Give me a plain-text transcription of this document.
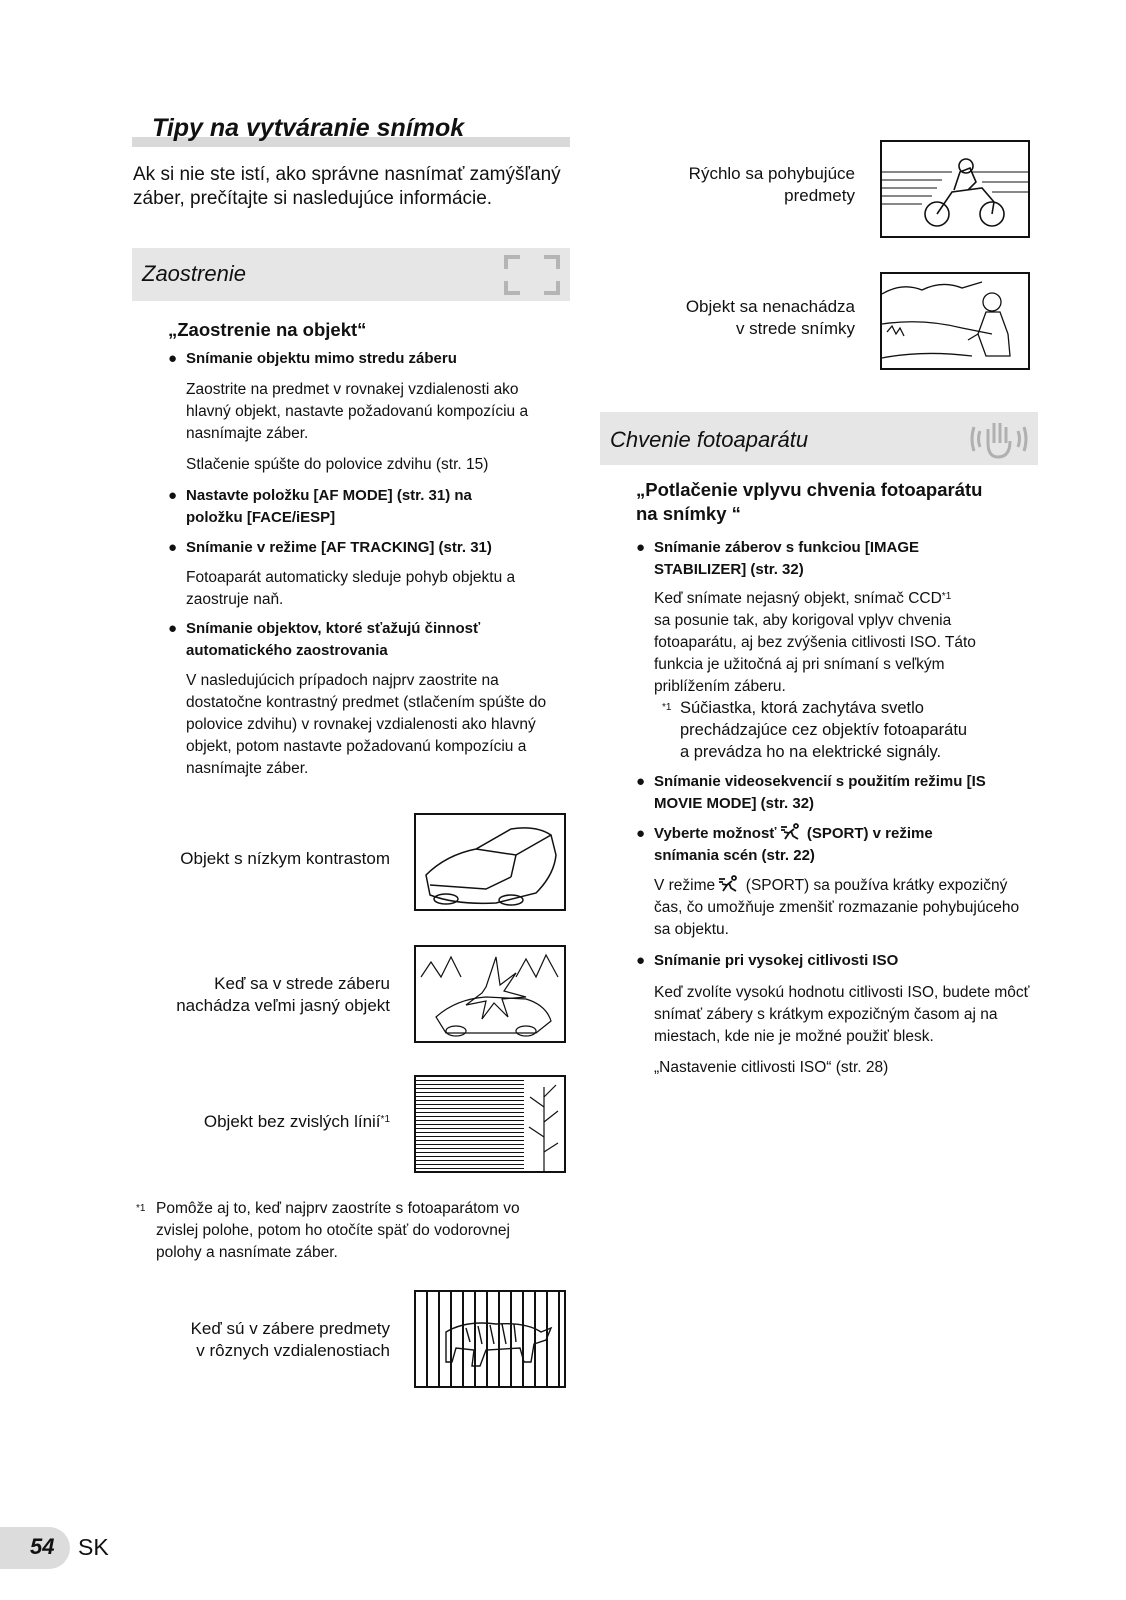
Tipy na vytváranie snímok
Ak si nie ste istí, ako správne nasnímať zamýšľaný záber, prečítajte si nasledujúce informácie.
Zaostrenie
„Zaostrenie na objekt“
● Snímanie objektu mimo stredu záberu
Zaostrite na predmet v rovnakej vzdialenosti ako hlavný objekt, nastavte požadovanú kompozíciu a nasnímajte záber.
Stlačenie spúšte do polovice zdvihu (str. 15)
● Nastavte položku [AF MODE] (str. 31) na položku [FACE/iESP]
● Snímanie v režime [AF TRACKING] (str. 31)
Fotoaparát automaticky sleduje pohyb objektu a zaostruje naň.
● Snímanie objektov, ktoré sťažujú činnosť automatického zaostrovania
V nasledujúcich prípadoch najprv zaostrite na dostatočne kontrastný predmet (stlačením spúšte do polovice zdvihu) v rovnakej vzdialenosti ako hlavný objekt, potom nastavte požadovanú kompozíciu a nasnímajte záber.
Objekt s nízkym kontrastom
Keď sa v strede záberu
nachádza veľmi jasný objekt
Objekt bez zvislých línií$^{*1}$
*1 Pomôže aj to, keď najprv zaostríte s fotoaparátom vo zvislej polohe, potom ho otočíte späť do vodorovnej polohy a nasnímate záber.
Keď sú v zábere predmety
v rôznych vzdialenostiach
Rýchlo sa pohybujúce
predmety
Objekt sa nenachádza
v strede snímky
Chvenie fotoaparátu
„Potlačenie vplyvu chvenia fotoaparátu
na snímky “
● Snímanie záberov s funkciou [IMAGE STABILIZER] (str. 32)
Keď snímate nejasný objekt, snímač CCD$^{*1}$
sa posunie tak, aby korigoval vplyv chvenia fotoaparátu, aj bez zvýšenia citlivosti ISO. Táto funkcia je užitočná aj pri snímaní s veľkým priblížením záberu.
*1 Súčiastka, ktorá zachytáva svetlo prechádzajúce cez objektív fotoaparátu a prevádza ho na elektrické signály.
● Snímanie videosekvencií s použitím režimu [IS MOVIE MODE] (str. 32)
● Vyberte možnosť (SPORT) v režime
snímania scén (str. 22)
V režime (SPORT) sa používa krátky expozičný čas, čo umožňuje zmenšiť rozmazanie pohybujúceho sa objektu.
● Snímanie pri vysokej citlivosti ISO
Keď zvolíte vysokú hodnotu citlivosti ISO, budete môcť snímať zábery s krátkym expozičným časom aj na miestach, kde nie je možné použiť blesk.
„Nastavenie citlivosti ISO“ (str. 28)
54 SK
